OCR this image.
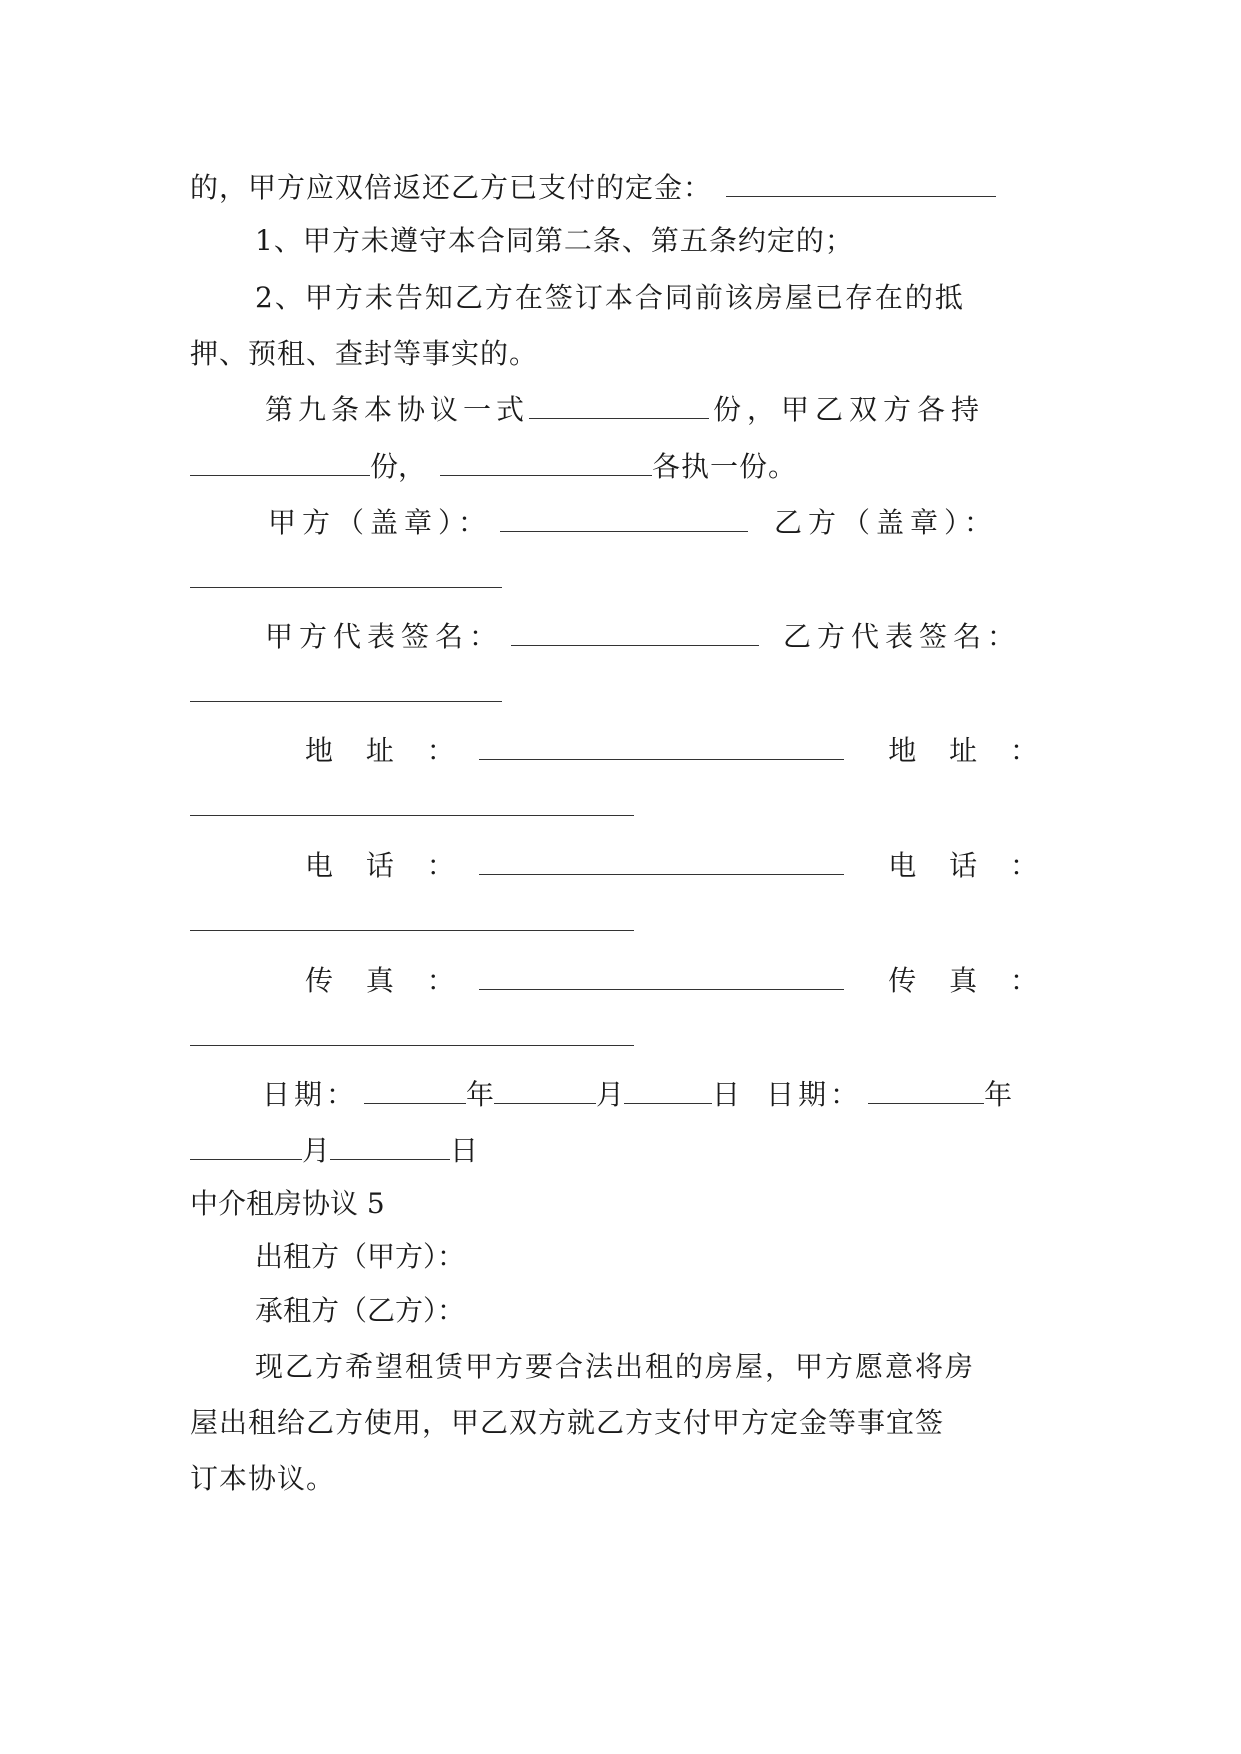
的，甲方应双倍返还乙方已支付的定金：
1、甲方未遵守本合同第二条、第五条约定的；
2、甲方未告知乙方在签订本合同前该房屋已存在的抵
押、预租、查封等事实的。
第九条本协议一式	份，甲乙双方各持
份，	各执一份。
甲方（盖章）：	乙方（盖章）：
甲方代表签名：	乙方代表签名：
地 址 ：	地 址 ：
电 话 ：	电 话 ：
传 真 ：	传 真 ：
日期：	年	月	日 日期：	年
月	日
中介租房协议 5
出租方（甲方）：
承租方（乙方）：
现乙方希望租赁甲方要合法出租的房屋，甲方愿意将房
屋出租给乙方使用，甲乙双方就乙方支付甲方定金等事宜签
订本协议。
